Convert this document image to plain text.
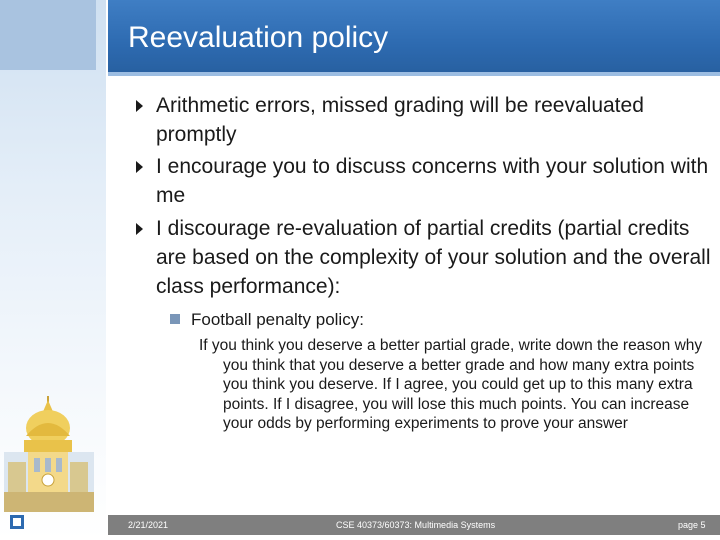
Reevaluation policy
Arithmetic errors, missed grading will be reevaluated promptly
I encourage you to discuss concerns with your solution with me
I discourage re-evaluation of partial credits (partial credits are based on the complexity of your solution and the overall class performance):
Football penalty policy:
If you think you deserve a better partial grade, write down the reason why you think that you deserve a better grade and how many extra points you think you deserve. If I agree, you could get up to this many extra points. If I disagree, you will lose this much points. You can increase your odds by performing experiments to prove your answer
2/21/2021	CSE 40373/60373: Multimedia Systems	page 5
